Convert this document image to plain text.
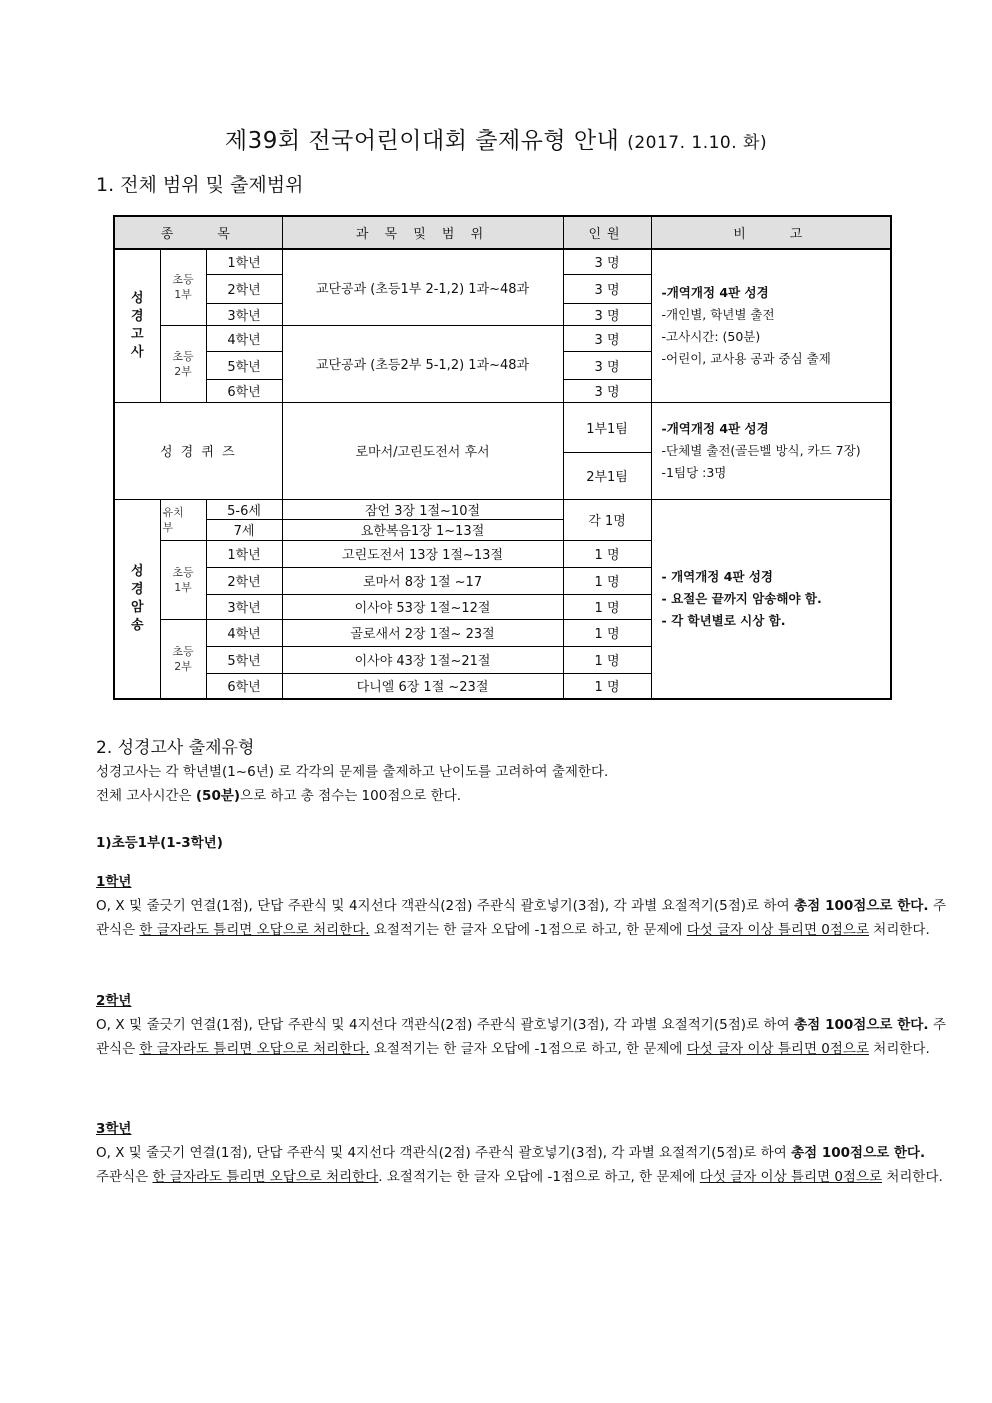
제39회 전국어린이대회 출제유형 안내 (2017. 1.10. 화)
1. 전체 범위 및 출제범위
종　　목			과 목 및 범 위	인원	비　　고

성경고사	초등 1부	1학년	교단공과 (초등1부 2-1,2) 1과~48과	3 명	-개역개정 4판 성경
-개인별, 학년별 출전
-고사시간: (50분)
-어린이, 교사용 공과 중심 출제

		2학년		3 명	
		3학년		3 명	

	초등 2부	4학년	교단공과 (초등2부 5-1,2) 1과~48과	3 명	
		5학년		3 명	
		6학년		3 명	
성 경 퀴 즈			로마서/고린도전서 후서	1부1팀	-개역개정 4판 성경
-단체별 출전(골든벨 방식, 카드 7장)
-1팀당 :3명

				2부1팀	

성경암송	유치부	5-6세	잠언 3장 1절~10절	각 1명	- 개역개정 4판 성경
- 요절은 끝까지 암송해야 함.
- 각 학년별로 시상 함.

		7세	요한복음1장 1~13절		

	초등 1부	1학년	고린도전서 13장 1절~13절	1 명	
		2학년	로마서 8장 1절 ~17	1 명	
		3학년	이사야 53장 1절~12절	1 명	

	초등 2부	4학년	골로새서 2장 1절~ 23절	1 명	
		5학년	이사야 43장 1절~21절	1 명	
		6학년	다니엘 6장 1절 ~23절	1 명	
2. 성경고사 출제유형

성경고사는 각 학년별(1~6년) 로 각각의 문제를 출제하고 난이도를 고려하여 출제한다.

전체 고사시간은 (50분)으로 하고 총 점수는 100점으로 한다.

1)초등1부(1-3학년)

1학년

O, X 및 줄긋기 연결(1점), 단답 주관식 및 4지선다 객관식(2점) 주관식 괄호넣기(3점), 각 과별 요절적기(5점)로 하여 총점 100점으로 한다. 주관식은 한 글자라도 틀리면 오답으로 처리한다. 요절적기는 한 글자 오답에 -1점으로 하고, 한 문제에 다섯 글자 이상 틀리면 0점으로 처리한다.

2학년

O, X 및 줄긋기 연결(1점), 단답 주관식 및 4지선다 객관식(2점) 주관식 괄호넣기(3점), 각 과별 요절적기(5점)로 하여 총점 100점으로 한다. 주관식은 한 글자라도 틀리면 오답으로 처리한다. 요절적기는 한 글자 오답에 -1점으로 하고, 한 문제에 다섯 글자 이상 틀리면 0점으로 처리한다.

3학년

O, X 및 줄긋기 연결(1점), 단답 주관식 및 4지선다 객관식(2점) 주관식 괄호넣기(3점), 각 과별 요절적기(5점)로 하여 총점 100점으로 한다.

주관식은 한 글자라도 틀리면 오답으로 처리한다. 요절적기는 한 글자 오답에 -1점으로 하고, 한 문제에 다섯 글자 이상 틀리면 0점으로 처리한다.
